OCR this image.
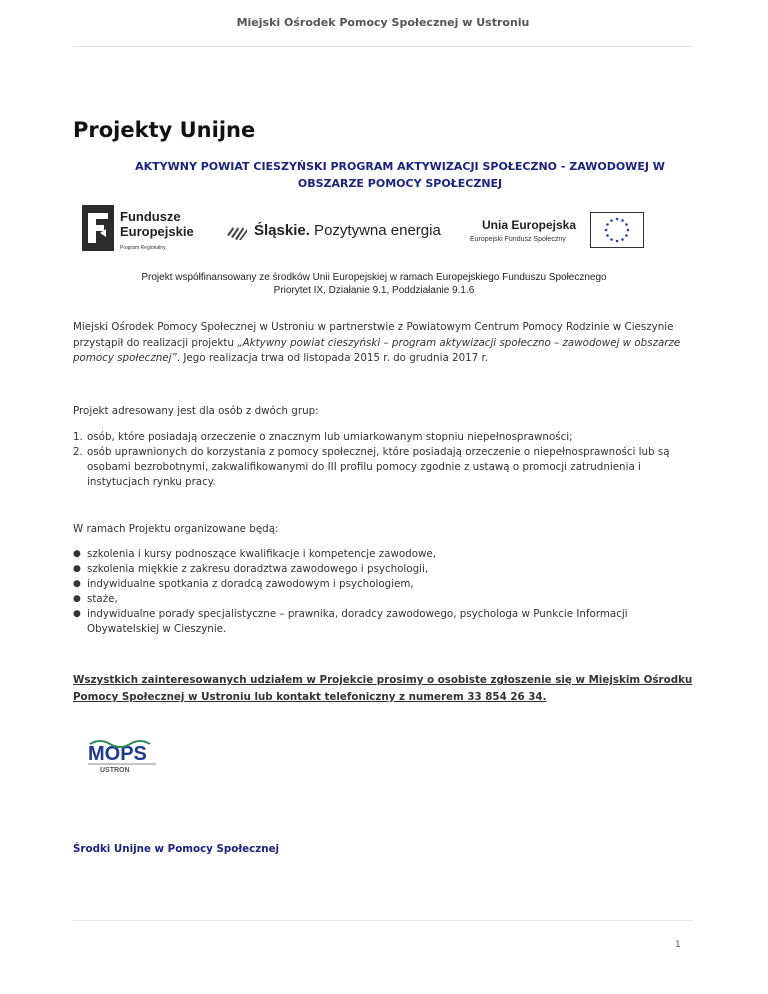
Miejski Ośrodek Pomocy Społecznej w Ustroniu
Projekty Unijne
AKTYWNY POWIAT CIESZYŃSKI PROGRAM AKTYWIZACJI SPOŁECZNO - ZAWODOWEJ W
OBSZARZE POMOCY SPOŁECZNEJ
Fundusze
Europejskie
Program Regionalny
Śląskie. Pozytywna energia	Unia Europejska
Europejski Fundusz Społeczny
Projekt współfinansowany ze środków Unii Europejskiej w ramach Europejskiego Funduszu Społecznego
Priorytet IX, Działanie 9.1, Poddziałanie 9.1.6

Miejski Ośrodek Pomocy Społecznej w Ustroniu w partnerstwie z Powiatowym Centrum Pomocy Rodzinie w Cieszynie przystąpił do realizacji projektu „Aktywny powiat cieszyński – program aktywizacji społeczno – zawodowej w obszarze pomocy społecznej”. Jego realizacja trwa od listopada 2015 r. do grudnia 2017 r.

Projekt adresowany jest dla osób z dwóch grup:

1. osób, które posiadają orzeczenie o znacznym lub umiarkowanym stopniu niepełnosprawności;
2. osób uprawnionych do korzystania z pomocy społecznej, które posiadają orzeczenie o niepełnosprawności lub są osobami bezrobotnymi, zakwalifikowanymi do III profilu pomocy zgodnie z ustawą o promocji zatrudnienia i instytucjach rynku pracy.

W ramach Projektu organizowane będą:

● szkolenia i kursy podnoszące kwalifikacje i kompetencje zawodowe,
● szkolenia miękkie z zakresu doradztwa zawodowego i psychologii,
● indywidualne spotkania z doradcą zawodowym i psychologiem,
● staże,
● indywidualne porady specjalistyczne – prawnika, doradcy zawodowego, psychologa w Punkcie Informacji Obywatelskiej w Cieszynie.

Wszystkich zainteresowanych udziałem w Projekcie prosimy o osobiste zgłoszenie się w Miejskim Ośrodku Pomocy Społecznej w Ustroniu lub kontakt telefoniczny z numerem 33 854 26 34.

MOPS
USTRON
Środki Unijne w Pomocy Społecznej
1
